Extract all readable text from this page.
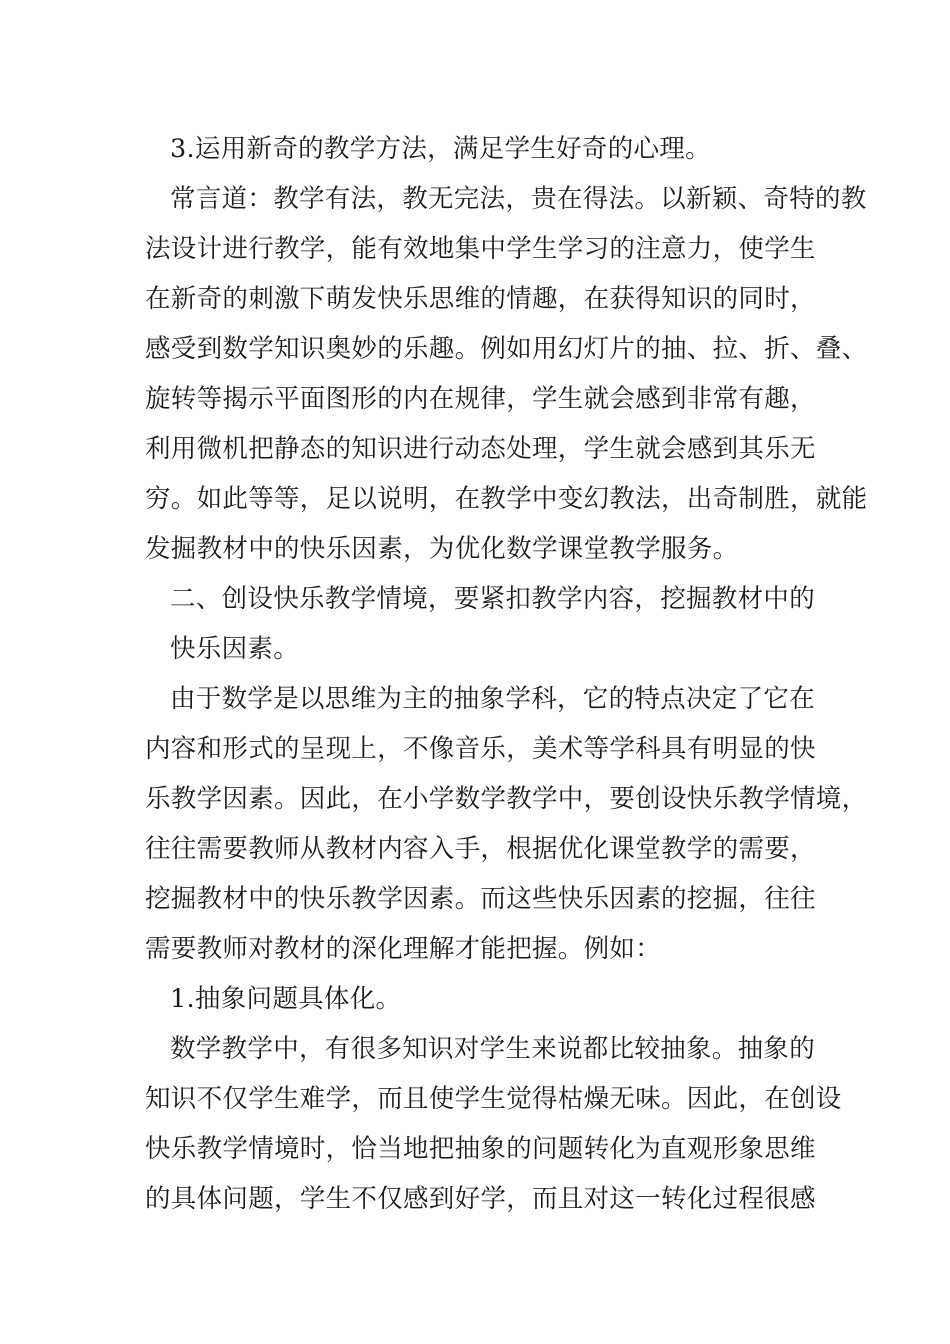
3.运用新奇的教学方法，满足学生好奇的心理。
常言道：教学有法，教无完法，贵在得法。以新颖、奇特的教
法设计进行教学，能有效地集中学生学习的注意力，使学生
在新奇的刺激下萌发快乐思维的情趣，在获得知识的同时，
感受到数学知识奥妙的乐趣。例如用幻灯片的抽、拉、折、叠、
旋转等揭示平面图形的内在规律，学生就会感到非常有趣，
利用微机把静态的知识进行动态处理，学生就会感到其乐无
穷。如此等等，足以说明，在教学中变幻教法，出奇制胜，就能
发掘教材中的快乐因素，为优化数学课堂教学服务。
二、创设快乐教学情境，要紧扣教学内容，挖掘教材中的
快乐因素。
由于数学是以思维为主的抽象学科，它的特点决定了它在
内容和形式的呈现上，不像音乐，美术等学科具有明显的快
乐教学因素。因此，在小学数学教学中，要创设快乐教学情境，
往往需要教师从教材内容入手，根据优化课堂教学的需要，
挖掘教材中的快乐教学因素。而这些快乐因素的挖掘，往往
需要教师对教材的深化理解才能把握。例如：
1.抽象问题具体化。
数学教学中，有很多知识对学生来说都比较抽象。抽象的
知识不仅学生难学，而且使学生觉得枯燥无味。因此，在创设
快乐教学情境时，恰当地把抽象的问题转化为直观形象思维
的具体问题，学生不仅感到好学，而且对这一转化过程很感
